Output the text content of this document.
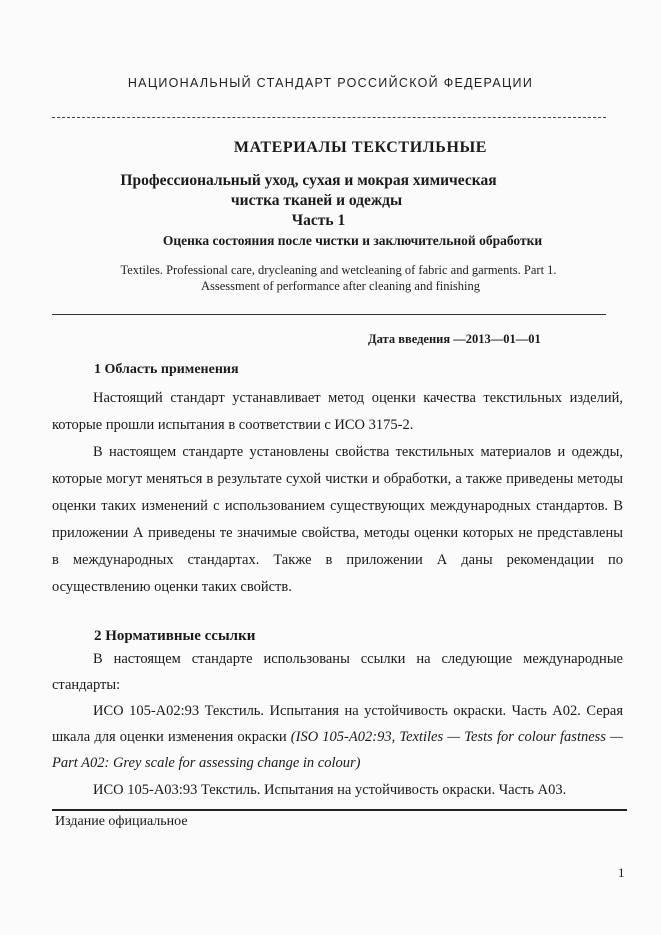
НАЦИОНАЛЬНЫЙ СТАНДАРТ РОССИЙСКОЙ ФЕДЕРАЦИИ
МАТЕРИАЛЫ ТЕКСТИЛЬНЫЕ
Профессиональный уход, сухая и мокрая химическая
чистка тканей и одежды
Часть 1
Оценка состояния после чистки и заключительной обработки
Textiles. Professional care, drycleaning and wetcleaning of fabric and garments. Part 1.
Assessment of performance after cleaning and finishing
Дата введения —2013—01—01
1 Область применения

Настоящий стандарт устанавливает метод оценки качества текстильных изделий, которые прошли испытания в соответствии с ИСО 3175-2.

В настоящем стандарте установлены свойства текстильных материалов и одежды, которые могут меняться в результате сухой чистки и обработки, а также приведены методы оценки таких изменений с использованием существующих международных стандартов. В приложении А приведены те значимые свойства, методы оценки которых не представлены в международных стандартах. Также в приложении А даны рекомендации по осуществлению оценки таких свойств.

2 Нормативные ссылки

В настоящем стандарте использованы ссылки на следующие международные стандарты:

ИСО 105-А02:93 Текстиль. Испытания на устойчивость окраски. Часть А02. Серая шкала для оценки изменения окраски (ISO 105-A02:93, Textiles — Tests for colour fastness — Part A02: Grey scale for assessing change in colour)

ИСО 105-А03:93 Текстиль. Испытания на устойчивость окраски. Часть А03.

Издание официальное
1
